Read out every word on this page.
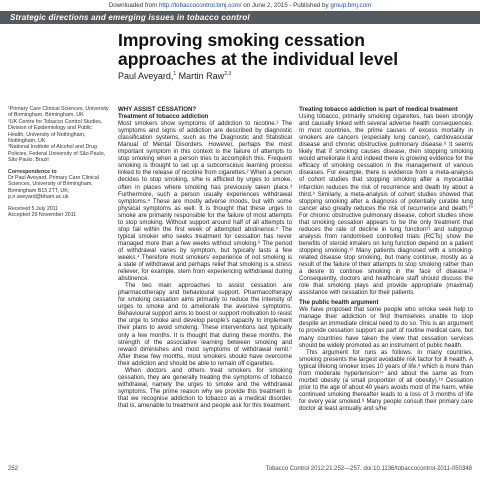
Downloaded from http://tobaccocontrol.bmj.com/ on June 2, 2015 - Published by group.bmj.com
Strategic directions and emerging issues in tobacco control
Improving smoking cessation approaches at the individual level
Paul Aveyard,$^1$ Martin Raw$^{2,3}$
¹Primary Care Clinical Sciences, University of Birmingham, Birmingham, UK
²UK Centre for Tobacco Control Studies, Division of Epidemiology and Public Health, University of Nottingham, Nottingham, UK
³National Institute of Alcohol and Drug Policies, Federal University of São Paulo, São Paulo, Brazil
Correspondence to
Dr Paul Aveyard, Primary Care Clinical Sciences, University of Birmingham, Birmingham B15 2TT, UK; p.n.aveyard@bham.ac.uk
Received 5 July 2011
Accepted 29 November 2011
WHY ASSIST CESSATION?
Treatment of tobacco addiction
Most smokers show symptoms of addiction to nicotine.¹ The symptoms and signs of addiction are described by diagnostic classification systems, such as the Diagnostic and Statistical Manual of Mental Disorders. However, perhaps the most important symptom in this context is the failure of attempts to stop smoking when a person tries to accomplish this. Frequent smoking is thought to set up a subconscious learning process linked to the release of nicotine from cigarettes.² When a person decides to stop smoking, s/he is afflicted by urges to smoke, often in places where smoking has previously taken place.³ Furthermore, such a person usually experiences withdrawal symptoms.⁴ These are mostly adverse moods, but with some physical symptoms as well. It is thought that these urges to smoke are primarily responsible for the failure of most attempts to stop smoking. Without support around half of all attempts to stop fail within the first week of attempted abstinence.⁵ The typical smoker who seeks treatment for cessation has never managed more than a few weeks without smoking.⁶ The period of withdrawal varies by symptom, but typically lasts a few weeks.⁴ Therefore most smokers' experience of not smoking is a state of withdrawal and perhaps relief that smoking is a stress reliever, for example, stem from experiencing withdrawal during abstinence.
The two main approaches to assist cessation are pharmacotherapy and behavioural support. Pharmacotherapy for smoking cessation aims primarily to reduce the intensity of urges to smoke and to ameliorate the aversive symptoms. Behavioural support aims to boost or support motivation to resist the urge to smoke and develop people's capacity to implement their plans to avoid smoking. These interventions last typically only a few months. It is thought that during these months, the strength of the associative learning between smoking and reward diminishes and most symptoms of withdrawal remit.⁷ After these few months, most smokers should have overcome their addiction and should be able to remain off cigarettes.
When doctors and others treat smokers for smoking cessation, they are generally treating the symptoms of tobacco withdrawal, namely the urges to smoke and the withdrawal symptoms. The prime reason why we provide this treatment is that we recognise addiction to tobacco as a medical disorder, that is, amenable to treatment and people ask for this treatment.
Treating tobacco addiction is part of medical treatment
Using tobacco, primarily smoking cigarettes, has been strongly and causally linked with several adverse health consequences. In most countries, the prime causes of excess mortality in smokers are cancers (especially lung cancer), cardiovascular disease and chronic obstructive pulmonary disease.⁸ It seems likely that if smoking causes disease, then stopping smoking would ameliorate it and indeed there is growing evidence for the efficacy of smoking cessation in the management of various diseases. For example, there is evidence from a meta-analysis of cohort studies that stopping smoking after a myocardial infarction reduces the risk of recurrence and death by about a third.⁹ Similarly, a meta-analysis of cohort studies showed that stopping smoking after a diagnosis of potentially curable lung cancer also greatly reduces the risk of recurrence and death.¹⁰ For chronic obstructive pulmonary disease, cohort studies show that smoking cessation appears to be the only treatment that reduces the rate of decline in lung function¹¹ and subgroup analysis from randomised controlled trials (RCTs) show the benefits of steroid inhalers on lung function depend on a patient stopping smoking.¹² Many patients diagnosed with a smoking-related disease stop smoking, but many continue, mostly as a result of the failure of their attempts to stop smoking rather than a desire to continue smoking in the face of disease.¹³ Consequently, doctors and healthcare staff should discuss the role that smoking plays and provide appropriate (maximal) assistance with cessation for their patients.
The public health argument
We have proposed that some people who smoke seek help to manage their addiction or find themselves unable to stop despite an immediate clinical need to do so. This is an argument to provide cessation support as part of routine medical care, but many countries have taken the view that cessation services should be widely promoted as an instrument of public health.
This argument for runs as follows. In many countries, smoking presents the largest avoidable risk factor for ill health. A typical lifelong smoker loses 10 years of life,⁸ which is more than from moderate hypertension¹⁴ and about the same as from morbid obesity (a small proportion of all obesity).¹⁵ Cessation prior to the age of about 40 years avoids most of the harm, while continued smoking thereafter leads to a loss of 3 months of life for every year smoked.⁸ Many people consult their primary care doctor at least annually and s/he
252	Tobacco Control 2012;21:252—257. doi:10.1136/tobaccocontrol-2011-050348
